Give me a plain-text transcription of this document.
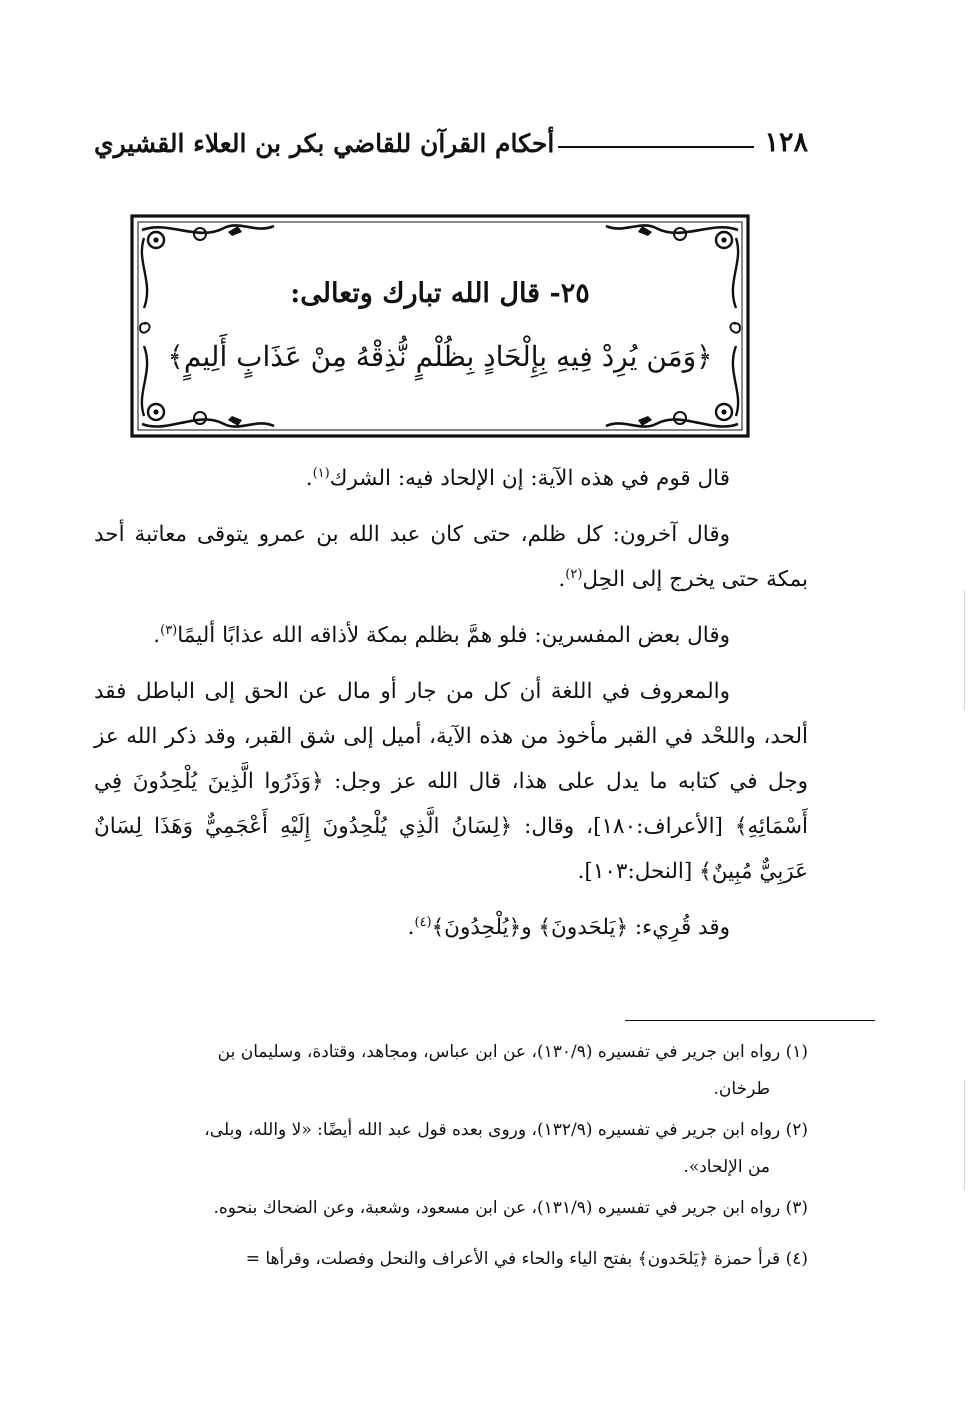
١٢٨
أحكام القرآن للقاضي بكر بن العلاء القشيري
٢٥- قال الله تبارك وتعالى:
﴿وَمَن يُرِدْ فِيهِ بِإِلْحَادٍ بِظُلْمٍ نُّذِقْهُ مِنْ عَذَابٍ أَلِيمٍ﴾

قال قوم في هذه الآية: إن الإلحاد فيه: الشرك$^{(١)}$.

وقال آخرون: كل ظلم، حتى كان عبد الله بن عمرو يتوقى معاتبة أحد بمكة حتى يخرج إلى الحِل$^{(٢)}$.

وقال بعض المفسرين: فلو همَّ بظلم بمكة لأذاقه الله عذابًا أليمًا$^{(٣)}$.

والمعروف في اللغة أن كل من جار أو مال عن الحق إلى الباطل فقد ألحد، واللحْد في القبر مأخوذ من هذه الآية، أميل إلى شق القبر، وقد ذكر الله عز وجل في كتابه ما يدل على هذا، قال الله عز وجل: ﴿وَذَرُوا الَّذِينَ يُلْحِدُونَ فِي أَسْمَائِهِ﴾ [الأعراف:١٨٠]، وقال: ﴿لِسَانُ الَّذِي يُلْحِدُونَ إِلَيْهِ أَعْجَمِيٌّ وَهَذَا لِسَانٌ عَرَبِيٌّ مُبِينٌ﴾ [النحل:١٠٣].

وقد قُرِيء: ﴿يَلحَدونَ﴾ و﴿يُلْحِدُونَ﴾$^{(٤)}$.

(١) رواه ابن جرير في تفسيره (١٣٠/٩)، عن ابن عباس، ومجاهد، وقتادة، وسليمان بن
طرخان.
(٢) رواه ابن جرير في تفسيره (١٣٢/٩)، وروى بعده قول عبد الله أيضًا: «لا والله، وبلى،
من الإلحاد».
(٣) رواه ابن جرير في تفسيره (١٣١/٩)، عن ابن مسعود، وشعبة، وعن الضحاك بنحوه.
(٤) قرأ حمزة ﴿يَلحَدون﴾ بفتح الياء والحاء في الأعراف والنحل وفصلت، وقرأها =
